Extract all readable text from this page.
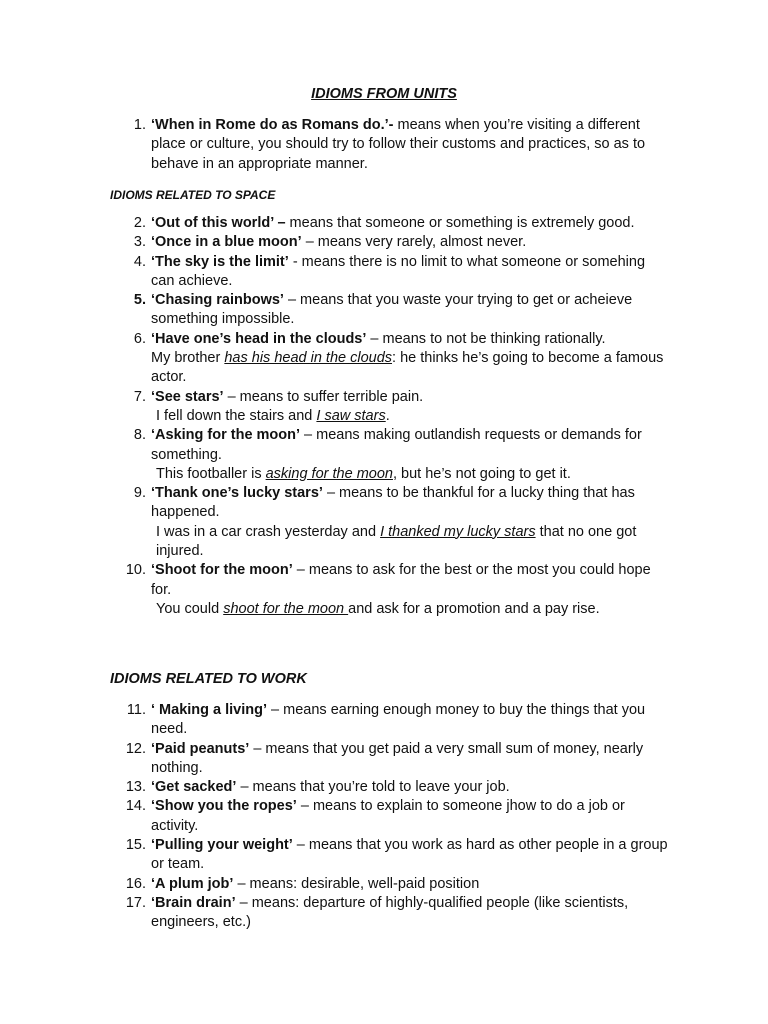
IDIOMS FROM UNITS
1. ‘When in Rome do as Romans do.’- means when you’re visiting a different place or culture, you should try to follow their customs and practices, so as to behave in an appropriate manner.
IDIOMS RELATED TO SPACE
2. ‘Out of this world’ – means that someone or something is extremely good.
3. ‘Once in a blue moon’ – means very rarely, almost never.
4. ‘The sky is the limit’ - means there is no limit to what someone or somehing can achieve.
5. ‘Chasing rainbows’ – means that you waste your trying to get or acheieve something impossible.
6. ‘Have one’s head in the clouds’ – means to not be thinking rationally.
My brother has his head in the clouds: he thinks he’s going to become a famous actor.
7. ‘See stars’ – means to suffer terrible pain.
I fell down the stairs and I saw stars.
8. ‘Asking for the moon’ – means making outlandish requests or demands for something.
This footballer is asking for the moon, but he’s not going to get it.
9. ‘Thank one’s lucky stars’ – means to be thankful for a lucky thing that has happened.
I was in a car crash yesterday and I thanked my lucky stars that no one got injured.
10. ‘Shoot for the moon’ – means to ask for the best or the most you could hope for.
You could shoot for the moon and ask for a promotion and a pay rise.
IDIOMS RELATED TO WORK
11. ‘ Making a living’ – means earning enough money to buy the things that you need.
12. ‘Paid peanuts’ – means that you get paid a very small sum of money, nearly nothing.
13. ‘Get sacked’ – means that you’re told to leave your job.
14. ‘Show you the ropes’ – means to explain to someone jhow to do a job or activity.
15. ‘Pulling your weight’ – means that you work as hard as other people in a group or team.
16. ‘A plum job’ – means: desirable, well-paid position
17. ‘Brain drain’ – means: departure of highly-qualified people (like scientists, engineers, etc.)
